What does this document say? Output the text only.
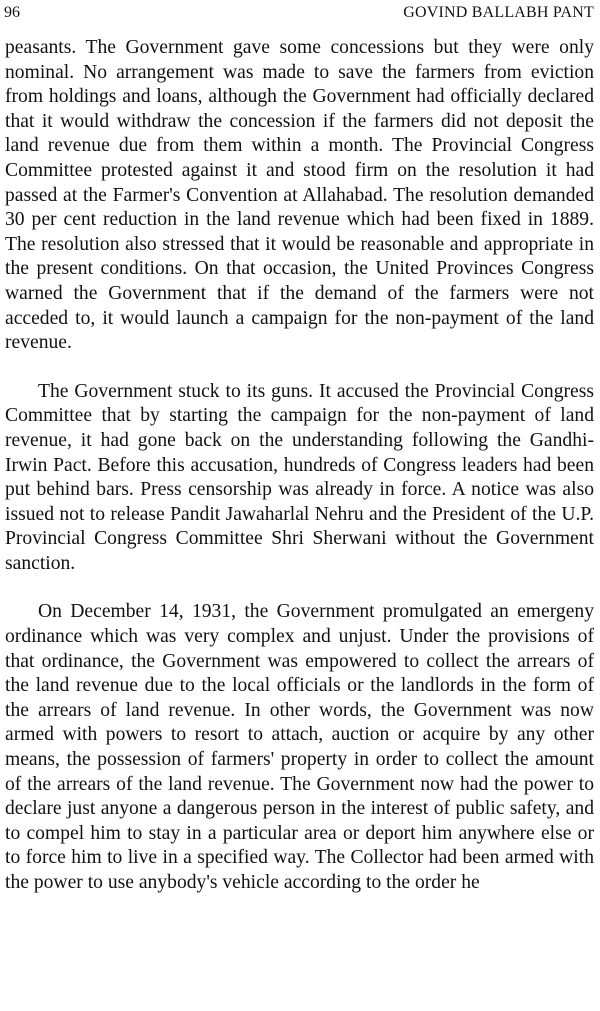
96	GOVIND BALLABH PANT

peasants. The Government gave some concessions but they were only nominal. No arrangement was made to save the farmers from eviction from holdings and loans, although the Government had officially declared that it would withdraw the concession if the farmers did not deposit the land revenue due from them within a month. The Provincial Congress Committee protested against it and stood firm on the resolution it had passed at the Farmer's Convention at Allahabad. The resolution demanded 30 per cent reduction in the land revenue which had been fixed in 1889. The resolution also stressed that it would be reasonable and appropriate in the present conditions. On that occasion, the United Provinces Congress warned the Government that if the demand of the farmers were not acceded to, it would launch a campaign for the non-payment of the land revenue.

The Government stuck to its guns. It accused the Provincial Congress Committee that by starting the campaign for the non-payment of land revenue, it had gone back on the understanding following the Gandhi-Irwin Pact. Before this accusation, hundreds of Congress leaders had been put behind bars. Press censorship was already in force. A notice was also issued not to release Pandit Jawaharlal Nehru and the President of the U.P. Provincial Congress Committee Shri Sherwani without the Government sanction.

On December 14, 1931, the Government promulgated an emergeny ordinance which was very complex and unjust. Under the provisions of that ordinance, the Government was empowered to collect the arrears of the land revenue due to the local officials or the landlords in the form of the arrears of land revenue. In other words, the Government was now armed with powers to resort to attach, auction or acquire by any other means, the possession of farmers' property in order to collect the amount of the arrears of the land revenue. The Government now had the power to declare just anyone a dangerous person in the interest of public safety, and to compel him to stay in a particular area or deport him anywhere else or to force him to live in a specified way. The Collector had been armed with the power to use anybody's vehicle according to the order he
